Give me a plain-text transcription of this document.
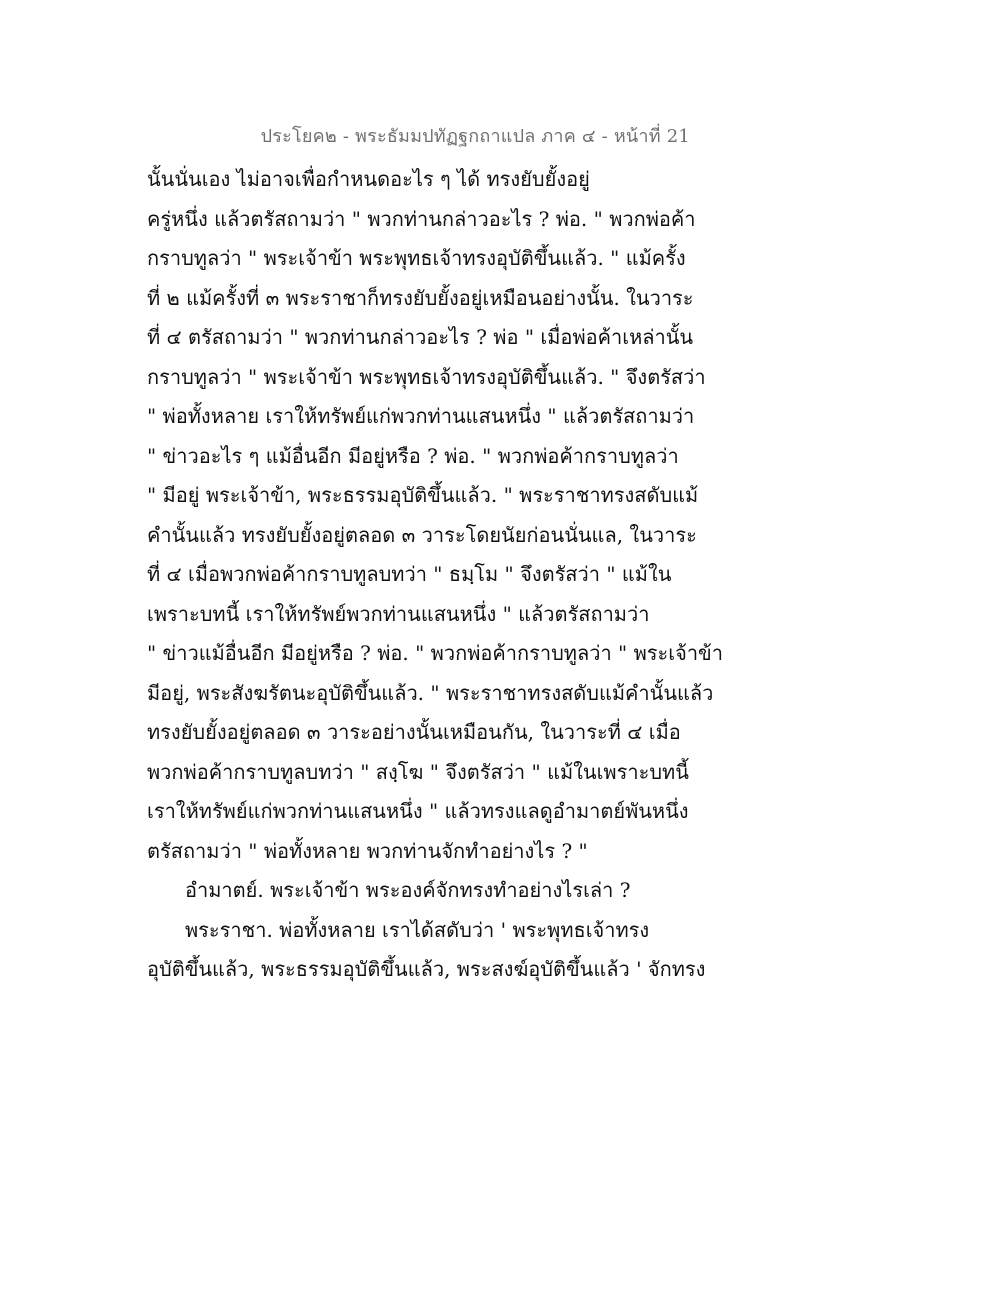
ประโยค๒ - พระธัมมปทัฏฐกถาแปล ภาค ๔ - หน้าที่ 21
นั้นนั่นเอง ไม่อาจเพื่อกำหนดอะไร ๆ ได้ ทรงยับยั้งอยู่
ครู่หนึ่ง แล้วตรัสถามว่า " พวกท่านกล่าวอะไร ? พ่อ. " พวกพ่อค้า
กราบทูลว่า " พระเจ้าข้า พระพุทธเจ้าทรงอุบัติขึ้นแล้ว. " แม้ครั้ง
ที่ ๒ แม้ครั้งที่ ๓ พระราชาก็ทรงยับยั้งอยู่เหมือนอย่างนั้น. ในวาระ
ที่ ๔ ตรัสถามว่า " พวกท่านกล่าวอะไร ? พ่อ " เมื่อพ่อค้าเหล่านั้น
กราบทูลว่า " พระเจ้าข้า พระพุทธเจ้าทรงอุบัติขึ้นแล้ว. " จึงตรัสว่า
" พ่อทั้งหลาย เราให้ทรัพย์แก่พวกท่านแสนหนึ่ง " แล้วตรัสถามว่า
" ข่าวอะไร ๆ แม้อื่นอีก มีอยู่หรือ ? พ่อ. " พวกพ่อค้ากราบทูลว่า
" มีอยู่ พระเจ้าข้า, พระธรรมอุบัติขึ้นแล้ว. " พระราชาทรงสดับแม้
คำนั้นแล้ว ทรงยับยั้งอยู่ตลอด ๓ วาระโดยนัยก่อนนั่นแล, ในวาระ
ที่ ๔ เมื่อพวกพ่อค้ากราบทูลบทว่า " ธมฺโม " จึงตรัสว่า " แม้ใน
เพราะบทนี้ เราให้ทรัพย์พวกท่านแสนหนึ่ง " แล้วตรัสถามว่า
" ข่าวแม้อื่นอีก มีอยู่หรือ ? พ่อ. " พวกพ่อค้ากราบทูลว่า " พระเจ้าข้า
มีอยู่, พระสังฆรัตนะอุบัติขึ้นแล้ว. " พระราชาทรงสดับแม้คำนั้นแล้ว
ทรงยับยั้งอยู่ตลอด ๓ วาระอย่างนั้นเหมือนกัน, ในวาระที่ ๔ เมื่อ
พวกพ่อค้ากราบทูลบทว่า " สงฺโฆ " จึงตรัสว่า " แม้ในเพราะบทนี้
เราให้ทรัพย์แก่พวกท่านแสนหนึ่ง " แล้วทรงแลดูอำมาตย์พันหนึ่ง
ตรัสถามว่า " พ่อทั้งหลาย พวกท่านจักทำอย่างไร ? "
อำมาตย์. พระเจ้าข้า พระองค์จักทรงทำอย่างไรเล่า ?
พระราชา. พ่อทั้งหลาย เราได้สดับว่า ' พระพุทธเจ้าทรง
อุบัติขึ้นแล้ว, พระธรรมอุบัติขึ้นแล้ว, พระสงฆ์อุบัติขึ้นแล้ว ' จักทรง
